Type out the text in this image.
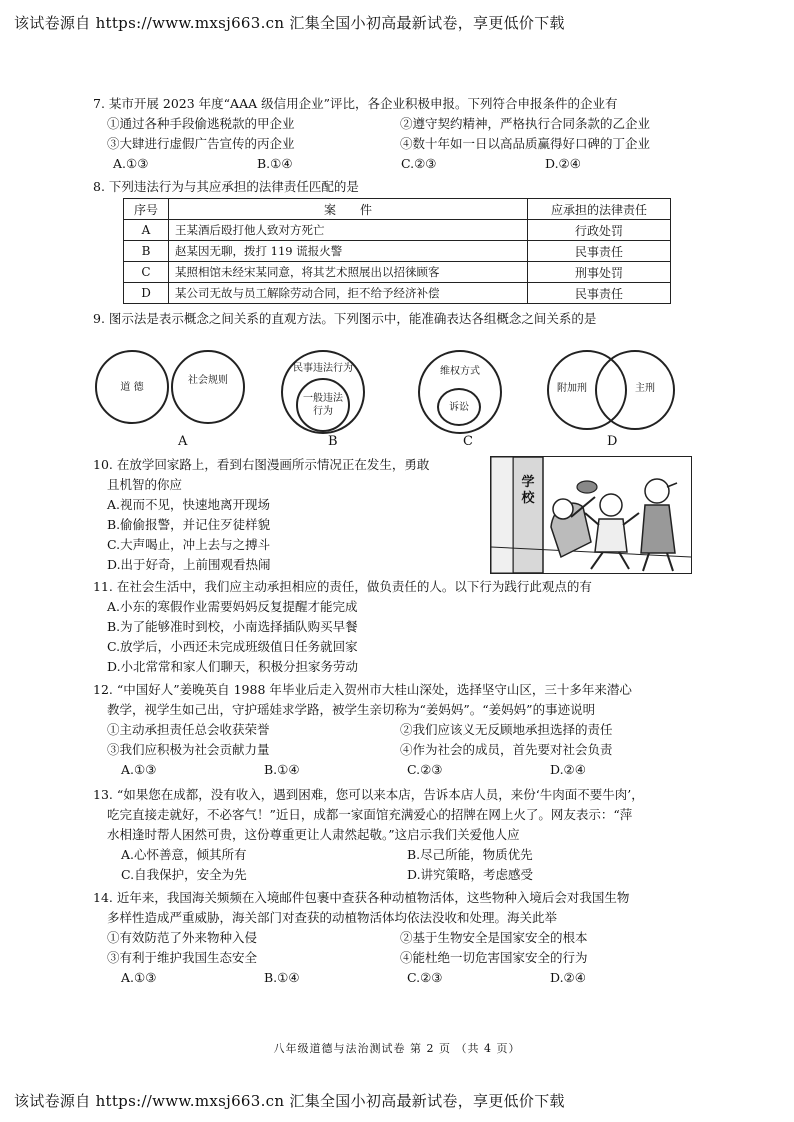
该试卷源自 https://www.mxsj663.cn 汇集全国小初高最新试卷，享更低价下载
7. 某市开展 2023 年度“AAA 级信用企业”评比，各企业积极申报。下列符合申报条件的企业有
①通过各种手段偷逃税款的甲企业	②遵守契约精神，严格执行合同条款的乙企业
③大肆进行虚假广告宣传的丙企业	④数十年如一日以高品质赢得好口碑的丁企业
A.①③	B.①④	C.②③	D.②④
8. 下列违法行为与其应承担的法律责任匹配的是
序号	案　　件	应承担的法律责任
A	王某酒后殴打他人致对方死亡	行政处罚
B	赵某因无聊，拨打 119 谎报火警	民事责任
C	某照相馆未经宋某同意，将其艺术照展出以招徕顾客	刑事处罚
D	某公司无故与员工解除劳动合同，拒不给予经济补偿	民事责任
9. 图示法是表示概念之间关系的直观方法。下列图示中，能准确表达各组概念之间关系的是
道 德
社会规则
A
民事违法行为
一般违法行为
B
维权方式
诉讼
C
附加刑	主刑
D
10. 在放学回家路上，看到右图漫画所示情况正在发生，勇敢
且机智的你应
A.视而不见，快速地离开现场
B.偷偷报警，并记住歹徒样貌
C.大声喝止，冲上去与之搏斗
D.出于好奇，上前围观看热闹
学校
11. 在社会生活中，我们应主动承担相应的责任，做负责任的人。以下行为践行此观点的有
A.小东的寒假作业需要妈妈反复提醒才能完成
B.为了能够准时到校，小南选择插队购买早餐
C.放学后，小西还未完成班级值日任务就回家
D.小北常常和家人们聊天，积极分担家务劳动
12. “中国好人”姜晚英自 1988 年毕业后走入贺州市大桂山深处，选择坚守山区，三十多年来潜心
教学，视学生如己出，守护瑶娃求学路，被学生亲切称为“姜妈妈”。“姜妈妈”的事迹说明
①主动承担责任总会收获荣誉	②我们应该义无反顾地承担选择的责任
③我们应积极为社会贡献力量	④作为社会的成员，首先要对社会负责
A.①③	B.①④	C.②③	D.②④
13. “如果您在成都，没有收入，遇到困难，您可以来本店，告诉本店人员，来份‘牛肉面不要牛肉’，
吃完直接走就好，不必客气！”近日，成都一家面馆充满爱心的招牌在网上火了。网友表示：“萍
水相逢时帮人困然可贵，这份尊重更让人肃然起敬。”这启示我们关爱他人应
A.心怀善意，倾其所有	B.尽己所能，物质优先
C.自我保护，安全为先	D.讲究策略，考虑感受
14. 近年来，我国海关频频在入境邮件包裹中查获各种动植物活体，这些物种入境后会对我国生物
多样性造成严重威胁，海关部门对查获的动植物活体均依法没收和处理。海关此举
①有效防范了外来物种入侵	②基于生物安全是国家安全的根本
③有利于维护我国生态安全	④能杜绝一切危害国家安全的行为
A.①③	B.①④	C.②③	D.②④
八年级道德与法治测试卷 第 2 页 （共 4 页）
该试卷源自 https://www.mxsj663.cn 汇集全国小初高最新试卷，享更低价下载
